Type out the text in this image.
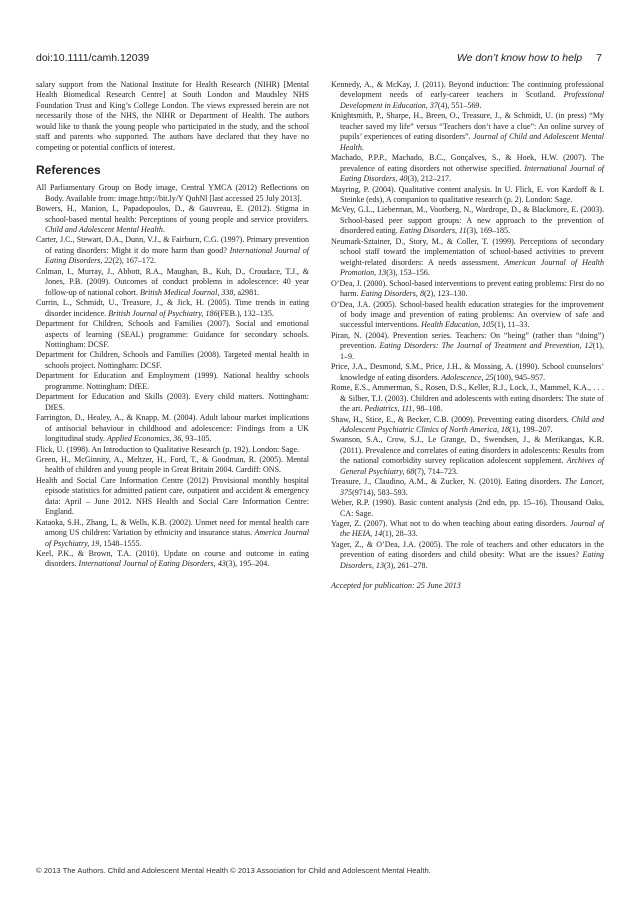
doi:10.1111/camh.12039	We don’t know how to help 7

salary support from the National Institute for Health Research (NIHR) [Mental Health Biomedical Research Centre] at South London and Maudsley NHS Foundation Trust and King’s College London. The views expressed herein are not necessarily those of the NHS, the NIHR or Department of Health. The authors would like to thank the young people who participated in the study, and the school staff and parents who supported. The authors have declared that they have no competing or potential conflicts of interest.

References

All Parliamentary Group on Body image, Central YMCA (2012) Reflections on Body. Available from: image.http://bit.ly/Y QuhNl [last accessed 25 July 2013].

Bowers, H., Manion, I., Papadopoulos, D., & Gauvreau, E. (2012). Stigma in school-based mental health: Perceptions of young people and service providers. Child and Adolescent Mental Health.

Carter, J.C., Stewart, D.A., Dunn, V.J., & Fairburn, C.G. (1997). Primary prevention of eating disorders: Might it do more harm than good? International Journal of Eating Disorders, 22(2), 167–172.

Colman, I., Murray, J., Abbott, R.A., Maughan, B., Kuh, D., Croudace, T.J., & Jones, P.B. (2009). Outcomes of conduct problems in adolescence: 40 year follow-up of national cohort. British Medical Journal, 338, a2981.

Currin, L., Schmidt, U., Treasure, J., & Jick, H. (2005). Time trends in eating disorder incidence. British Journal of Psychiatry, 186(FEB.), 132–135.

Department for Children, Schools and Families (2007). Social and emotional aspects of learning (SEAL) programme: Guidance for secondary schools. Nottingham: DCSF.

Department for Children, Schools and Families (2008). Targeted mental health in schools project. Nottingham: DCSF.

Department for Education and Employment (1999). National healthy schools programme. Nottingham: DfEE.

Department for Education and Skills (2003). Every child matters. Nottingham: DfES.

Farrington, D., Healey, A., & Knapp, M. (2004). Adult labour market implications of antisocial behaviour in childhood and adolescence: Findings from a UK longitudinal study. Applied Economics, 36, 93–105.

Flick, U. (1998). An Introduction to Qualitative Research (p. 192). London: Sage.

Green, H., McGinnity, A., Meltzer, H., Ford, T., & Goodman, R. (2005). Mental health of children and young people in Great Britain 2004. Cardiff: ONS.

Health and Social Care Information Centre (2012) Provisional monthly hospital episode statistics for admitted patient care, outpatient and accident & emergency data: April – June 2012. NHS Health and Social Care Information Centre: England.

Kataoka, S.H., Zhang, L, & Wells, K.B. (2002). Unmet need for mental health care among US children: Variation by ethnicity and insurance status. America Journal of Psychiatry, 19, 1548–1555.

Keel, P.K., & Brown, T.A. (2010). Update on course and outcome in eating disorders. International Journal of Eating Disorders, 43(3), 195–204.

Kennedy, A., & McKay, J. (2011). Beyond induction: The continuing professional development needs of early-career teachers in Scotland. Professional Development in Education, 37(4), 551–569.

Knightsmith, P., Sharpe, H., Breen, O., Treasure, J., & Schmidt, U. (in press) “My teacher saved my life” versus “Teachers don’t have a clue”: An online survey of pupils’ experiences of eating disorders”. Journal of Child and Adolescent Mental Health.

Machado, P.P.P., Machado, B.C., Gonçalves, S., & Hoek, H.W. (2007). The prevalence of eating disorders not otherwise specified. International Journal of Eating Disorders, 40(3), 212–217.

Mayring, P. (2004). Qualitative content analysis. In U. Flick, E. von Kardoff & I. Steinke (eds), A companion to qualitative research (p. 2). London: Sage.

McVey, G.L., Lieberman, M., Voorberg, N., Wardrope, D., & Blackmore, E. (2003). School-based peer support groups: A new approach to the prevention of disordered eating. Eating Disorders, 11(3), 169–185.

Neumark-Sztainer, D., Story, M., & Coller, T. (1999). Perceptions of secondary school staff toward the implementation of school-based activities to prevent weight-related disorders: A needs assessment. American Journal of Health Promotion, 13(3), 153–156.

O’Dea, J. (2000). School-based interventions to prevent eating problems: First do no harm. Eating Disorders, 8(2), 123–130.

O’Dea, J.A. (2005). School-based health education strategies for the improvement of body image and prevention of eating problems: An overview of safe and successful interventions. Health Education, 105(1), 11–33.

Piran, N. (2004). Prevention series. Teachers: On “being” (rather than “doing”) prevention. Eating Disorders: The Journal of Treatment and Prevention, 12(1), 1–9.

Price, J.A., Desmond, S.M., Price, J.H., & Mossing, A. (1990). School counselors’ knowledge of eating disorders. Adolescence, 25(100), 945–957.

Rome, E.S., Ammerman, S., Rosen, D.S., Keller, R.J., Lock, J., Mammel, K.A., . . . & Silber, T.J. (2003). Children and adolescents with eating disorders: The state of the art. Pediatrics, 111, 98–108.

Shaw, H., Stice, E., & Becker, C.B. (2009). Preventing eating disorders. Child and Adolescent Psychiatric Clinics of North America, 18(1), 199–207.

Swanson, S.A., Crow, S.J., Le Grange, D., Swendsen, J., & Merikangas, K.R. (2011). Prevalence and correlates of eating disorders in adolescents: Results from the national comorbidity survey replication adolescent supplement. Archives of General Psychiatry, 68(7), 714–723.

Treasure, J., Claudino, A.M., & Zucker, N. (2010). Eating disorders. The Lancet, 375(9714), 583–593.

Weber, R.P. (1990). Basic content analysis (2nd edn, pp. 15–16). Thousand Oaks, CA: Sage.

Yager, Z. (2007). What not to do when teaching about eating disorders. Journal of the HEIA, 14(1), 28–33.

Yager, Z., & O’Dea, J.A. (2005). The role of teachers and other educators in the prevention of eating disorders and child obesity: What are the issues? Eating Disorders, 13(3), 261–278.

Accepted for publication: 25 June 2013

© 2013 The Authors. Child and Adolescent Mental Health © 2013 Association for Child and Adolescent Mental Health.
